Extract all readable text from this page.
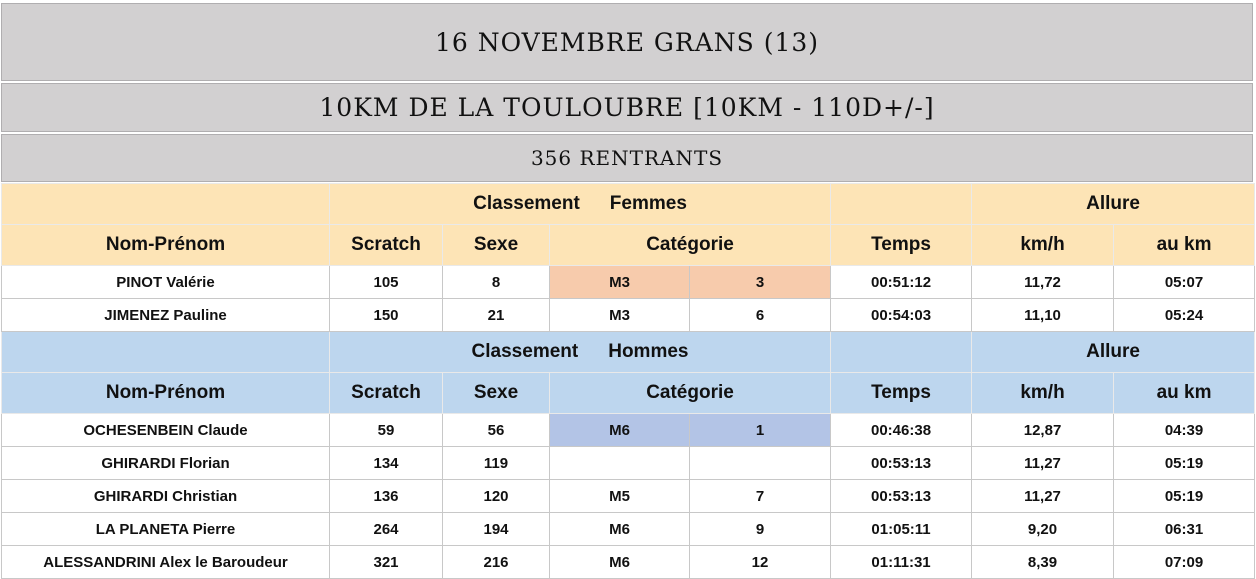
16 NOVEMBRE GRANS (13)
10KM DE LA TOULOUBRE [10KM - 110D+/-]
356 RENTRANTS
	Classement Femmes					Allure	
Nom-Prénom	Scratch	Sexe	Catégorie		Temps	km/h	au km
PINOT Valérie	105	8	M3	3	00:51:12	11,72	05:07
JIMENEZ Pauline	150	21	M3	6	00:54:03	11,10	05:24
	Classement Hommes					Allure	
Nom-Prénom	Scratch	Sexe	Catégorie		Temps	km/h	au km
OCHESENBEIN Claude	59	56	M6	1	00:46:38	12,87	04:39
GHIRARDI Florian	134	119			00:53:13	11,27	05:19
GHIRARDI Christian	136	120	M5	7	00:53:13	11,27	05:19
LA PLANETA Pierre	264	194	M6	9	01:05:11	9,20	06:31
ALESSANDRINI Alex le Baroudeur	321	216	M6	12	01:11:31	8,39	07:09
